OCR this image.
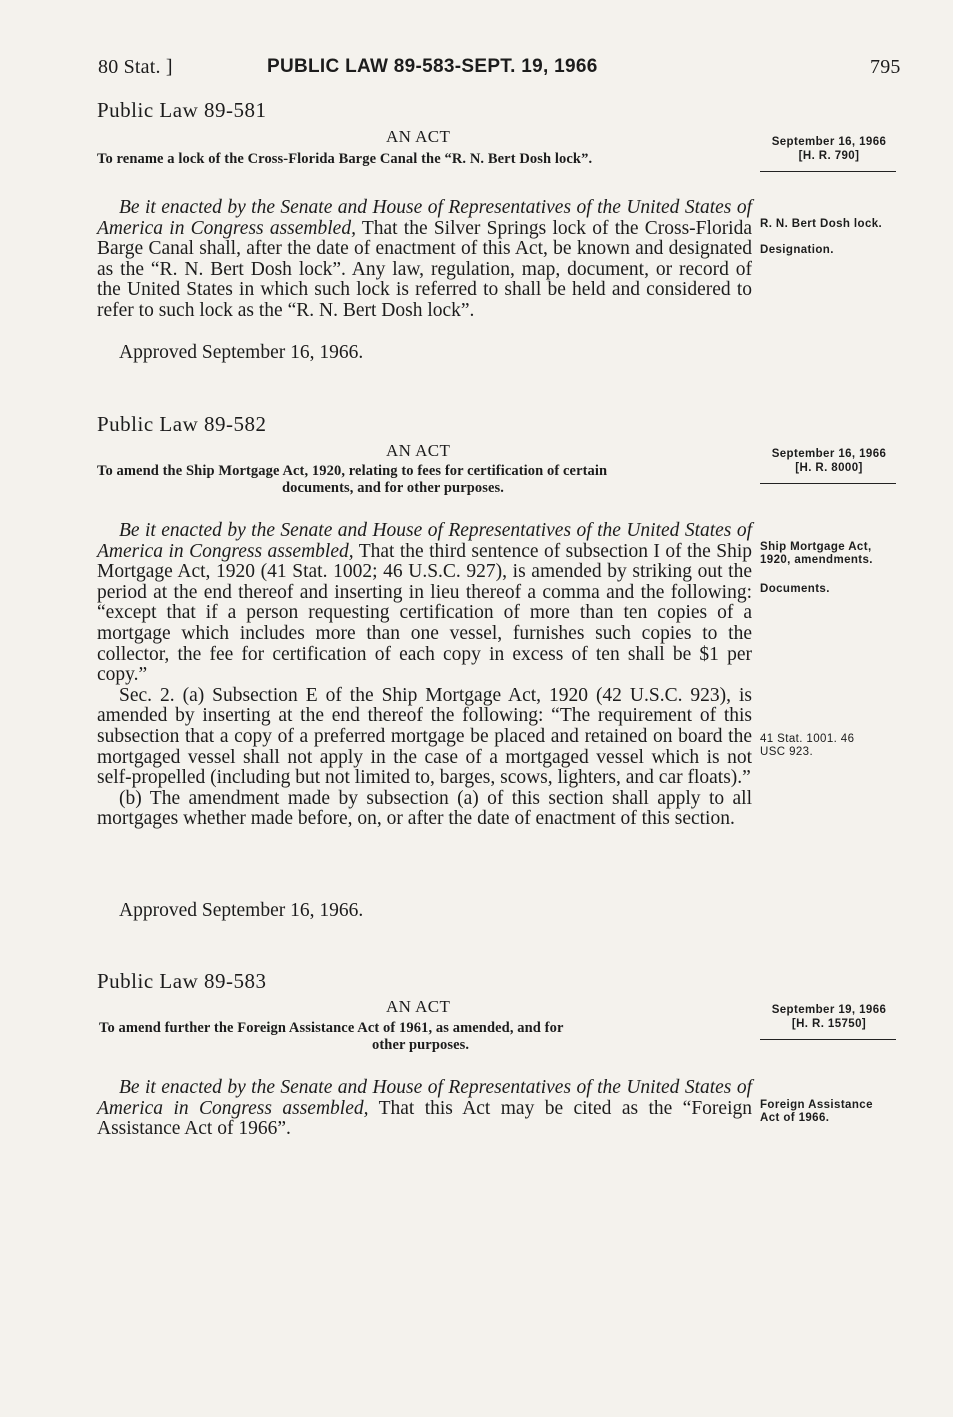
80 Stat. ]	PUBLIC LAW 89-583-SEPT. 19, 1966	795
Public Law 89-581
AN ACT
To rename a lock of the Cross-Florida Barge Canal the “R. N. Bert Dosh lock”.
September 16, 1966
[H. R. 790]

Be it enacted by the Senate and House of Representatives of the United States of America in Congress assembled, That the Silver Springs lock of the Cross-Florida Barge Canal shall, after the date of enactment of this Act, be known and designated as the “R. N. Bert Dosh lock”. Any law, regulation, map, document, or record of the United States in which such lock is referred to shall be held and considered to refer to such lock as the “R. N. Bert Dosh lock”.

Approved September 16, 1966.
R. N. Bert Dosh lock.
Designation.
Public Law 89-582
AN ACT
To amend the Ship Mortgage Act, 1920, relating to fees for certification of certain
documents, and for other purposes.
September 16, 1966
[H. R. 8000]

Be it enacted by the Senate and House of Representatives of the United States of America in Congress assembled, That the third sentence of subsection I of the Ship Mortgage Act, 1920 (41 Stat. 1002; 46 U.S.C. 927), is amended by striking out the period at the end thereof and inserting in lieu thereof a comma and the following: “except that if a person requesting certification of more than ten copies of a mortgage which includes more than one vessel, furnishes such copies to the collector, the fee for certification of each copy in excess of ten shall be $1 per copy.”

Sec. 2. (a) Subsection E of the Ship Mortgage Act, 1920 (42 U.S.C. 923), is amended by inserting at the end thereof the following: “The requirement of this subsection that a copy of a preferred mortgage be placed and retained on board the mortgaged vessel shall not apply in the case of a mortgaged vessel which is not self-propelled (including but not limited to, barges, scows, lighters, and car floats).”

(b) The amendment made by subsection (a) of this section shall apply to all mortgages whether made before, on, or after the date of enactment of this section.

Approved September 16, 1966.
Ship Mortgage Act, 1920, amendments.
Documents.
41 Stat. 1001. 46 USC 923.
Public Law 89-583
AN ACT
To amend further the Foreign Assistance Act of 1961, as amended, and for
other purposes.
September 19, 1966
[H. R. 15750]

Be it enacted by the Senate and House of Representatives of the United States of America in Congress assembled, That this Act may be cited as the “Foreign Assistance Act of 1966”.

Foreign Assistance Act of 1966.
